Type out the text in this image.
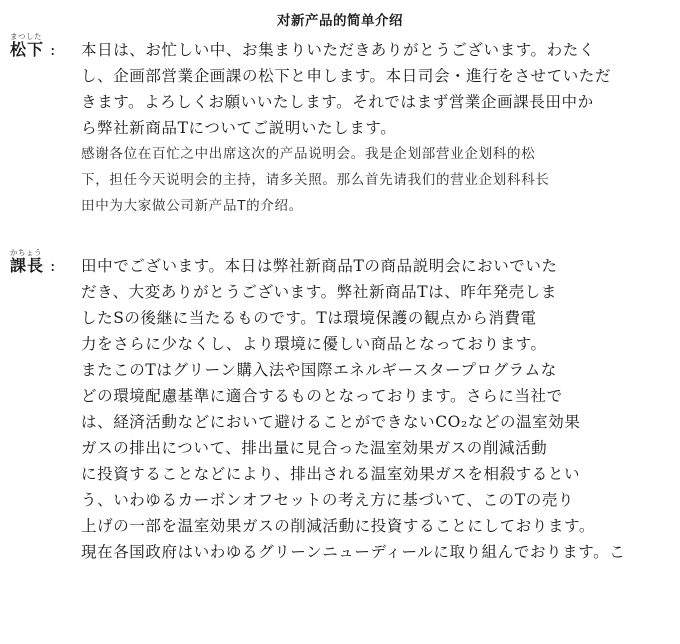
对新产品的简单介绍
まつした
松下 : 本日は、お忙しい中、お集まりいただきありがとうございます。わたく
し、企画部営業企画課の松下と申します。本日司会・進行をさせていただ
きます。よろしくお願いいたします。それではまず営業企画課長田中か
ら弊社新商品Tについてご説明いたします。
感谢各位在百忙之中出席这次的产品说明会。我是企划部营业企划科的松
下，担任今天说明会的主持，请多关照。那么首先请我们的营业企划科科长
田中为大家做公司新产品T的介绍。
かちょう
課長 : 田中でございます。本日は弊社新商品Tの商品説明会においでいた
だき、大変ありがとうございます。弊社新商品Tは、昨年発売しま
したSの後継に当たるものです。Tは環境保護の観点から消費電
力をさらに少なくし、より環境に優しい商品となっております。
またこのTはグリーン購入法や国際エネルギースタープログラムな
どの環境配慮基準に適合するものとなっております。さらに当社で
は、経済活動などにおいて避けることができないCO₂などの温室効果
ガスの排出について、排出量に見合った温室効果ガスの削減活動
に投資することなどにより、排出される温室効果ガスを相殺するとい
う、いわゆるカーボンオフセットの考え方に基づいて、このTの売り
上げの一部を温室効果ガスの削減活動に投資することにしております。
現在各国政府はいわゆるグリーンニューディールに取り組んでおります。こ
